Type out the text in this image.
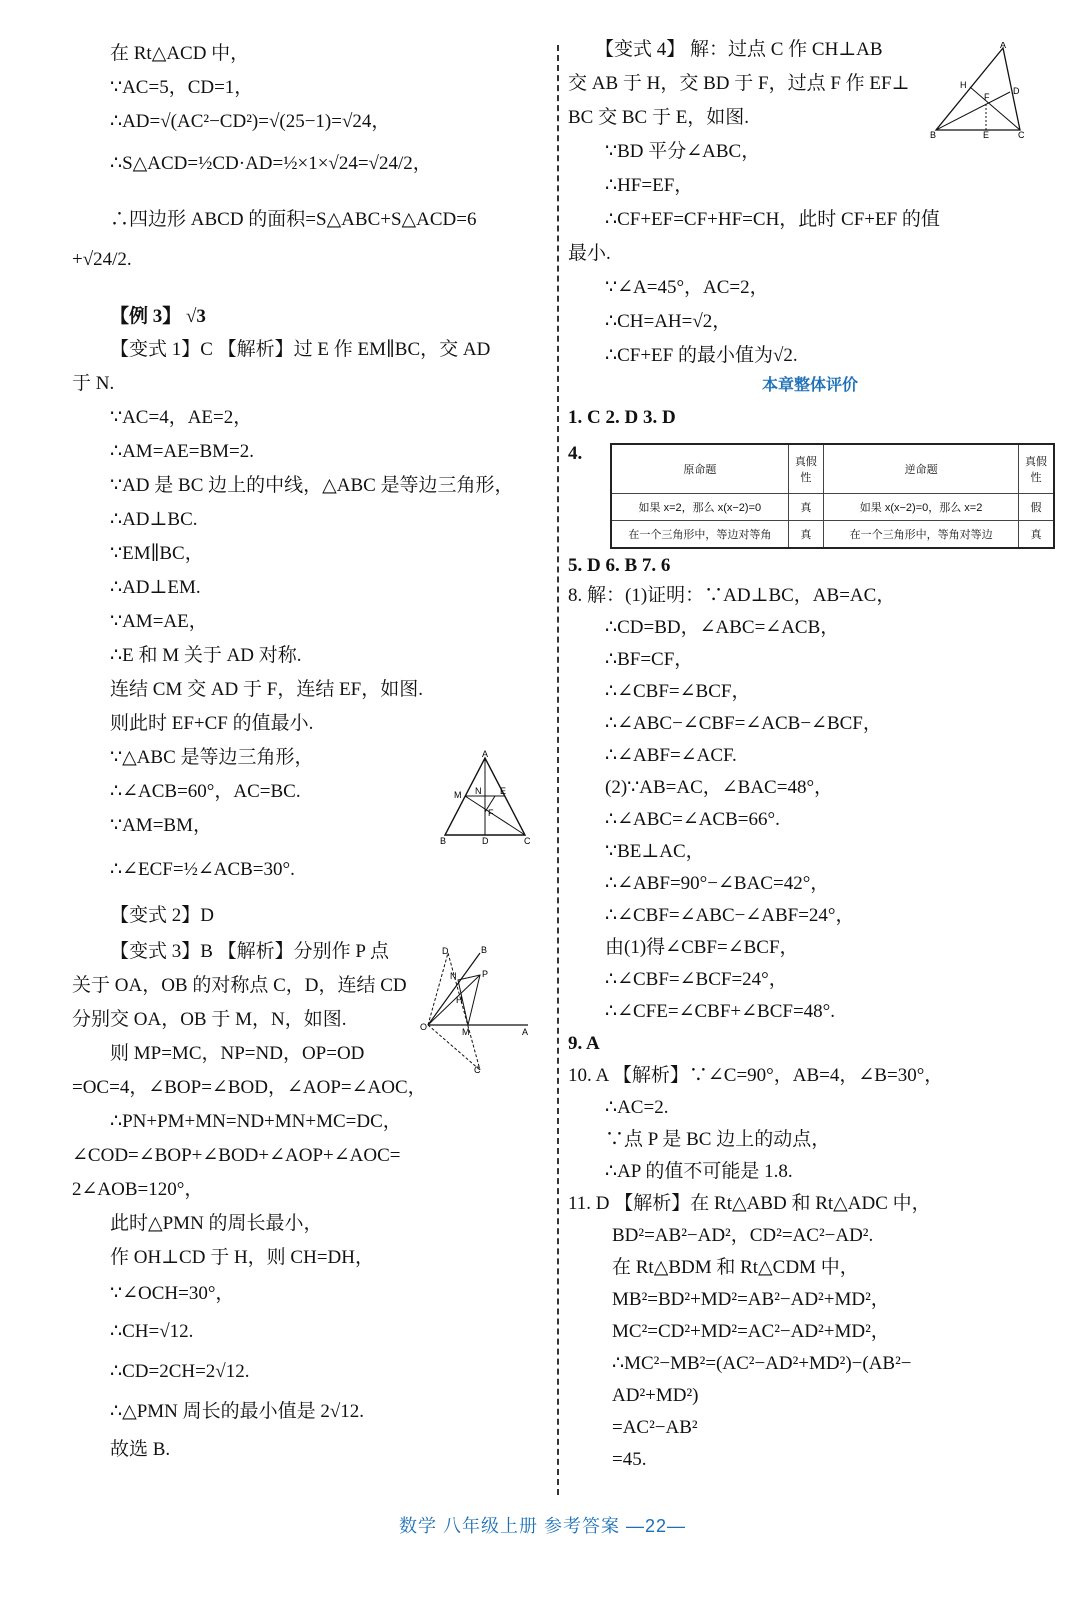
在 Rt△ACD 中，
∵AC=5，CD=1，
∴AD=√(AC²−CD²)=√(25−1)=√24，
∴S△ACD=½CD·AD=½×1×√24=√24/2，
∴四边形 ABCD 的面积=S△ABC+S△ACD=6
+√24/2.
【例 3】 √3
【变式 1】C 【解析】过 E 作 EM∥BC，交 AD
于 N.
∵AC=4，AE=2，
∴AM=AE=BM=2.
∵AD 是 BC 边上的中线，△ABC 是等边三角形，
∴AD⊥BC.
∵EM∥BC，
∴AD⊥EM.
∵AM=AE，
∴E 和 M 关于 AD 对称.
连结 CM 交 AD 于 F，连结 EF，如图.
则此时 EF+CF 的值最小.
∵△ABC 是等边三角形，
∴∠ACB=60°，AC=BC.
∵AM=BM，
∴∠ECF=½∠ACB=30°.
【变式 2】D
【变式 3】B 【解析】分别作 P 点
关于 OA，OB 的对称点 C，D，连结 CD
分别交 OA，OB 于 M，N，如图.
则 MP=MC，NP=ND，OP=OD
=OC=4，∠BOP=∠BOD，∠AOP=∠AOC，
∴PN+PM+MN=ND+MN+MC=DC，
∠COD=∠BOP+∠BOD+∠AOP+∠AOC=
2∠AOB=120°，
此时△PMN 的周长最小，
作 OH⊥CD 于 H，则 CH=DH，
∵∠OCH=30°，
∴CH=√12.
∴CD=2CH=2√12.
∴△PMN 周长的最小值是 2√12.
故选 B.
【变式 4】 解：过点 C 作 CH⊥AB
交 AB 于 H，交 BD 于 F，过点 F 作 EF⊥
BC 交 BC 于 E，如图.
∵BD 平分∠ABC，
∴HF=EF，
∴CF+EF=CF+HF=CH，此时 CF+EF 的值
最小.
∵∠A=45°，AC=2，
∴CH=AH=√2，
∴CF+EF 的最小值为√2.
1. C 2. D 3. D
4.
5. D 6. B 7. 6
8. 解：(1)证明：∵AD⊥BC，AB=AC，
∴CD=BD，∠ABC=∠ACB，
∴BF=CF，
∴∠CBF=∠BCF，
∴∠ABC−∠CBF=∠ACB−∠BCF，
∴∠ABF=∠ACF.
(2)∵AB=AC，∠BAC=48°，
∴∠ABC=∠ACB=66°.
∵BE⊥AC，
∴∠ABF=90°−∠BAC=42°，
∴∠CBF=∠ABC−∠ABF=24°，
由(1)得∠CBF=∠BCF，
∴∠CBF=∠BCF=24°，
∴∠CFE=∠CBF+∠BCF=48°.
9. A
10. A 【解析】∵∠C=90°，AB=4，∠B=30°，
∴AC=2.
∵点 P 是 BC 边上的动点，
∴AP 的值不可能是 1.8.
11. D 【解析】在 Rt△ABD 和 Rt△ADC 中，
BD²=AB²−AD²，CD²=AC²−AD².
在 Rt△BDM 和 Rt△CDM 中，
MB²=BD²+MD²=AB²−AD²+MD²，
MC²=CD²+MD²=AC²−AD²+MD²，
∴MC²−MB²=(AC²−AD²+MD²)−(AB²−
AD²+MD²)
=AC²−AB²
=45.
本章整体评价
原命题	真假性	逆命题	真假性
如果 x=2，那么 x(x−2)=0	真	如果 x(x−2)=0，那么 x=2	假
在一个三角形中，等边对等角	真	在一个三角形中，等角对等边	真
A
M N E
F
B	D	C
D	B
N	P
H
O	M	A
C
A
H
F
D
B	E	C
数学 八年级上册 参考答案 —22—
